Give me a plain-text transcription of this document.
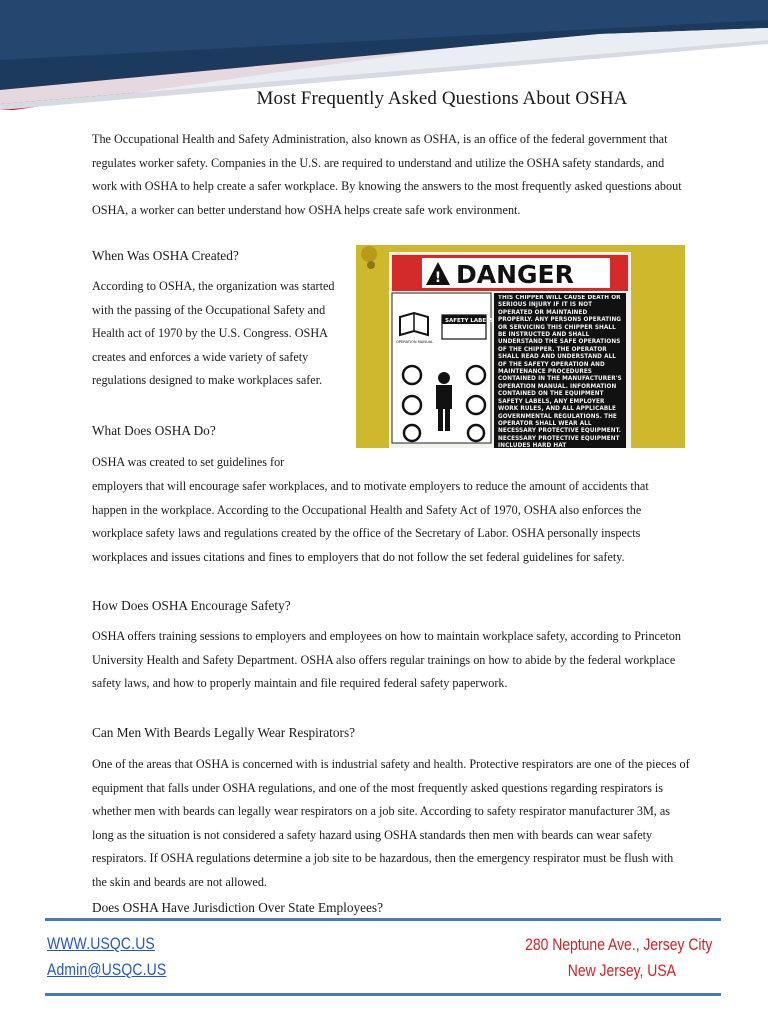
Most Frequently Asked Questions About OSHA

The Occupational Health and Safety Administration, also known as OSHA, is an office of the federal government that regulates worker safety. Companies in the U.S. are required to understand and utilize the OSHA safety standards, and work with OSHA to help create a safer workplace. By knowing the answers to the most frequently asked questions about OSHA, a worker can better understand how OSHA helps create safe work environment.

When Was OSHA Created?

According to OSHA, the organization was started with the passing of the Occupational Safety and Health act of 1970 by the U.S. Congress. OSHA creates and enforces a wide variety of safety regulations designed to make workplaces safer.

What Does OSHA Do?

OSHA was created to set guidelines for

employers that will encourage safer workplaces, and to motivate employers to reduce the amount of accidents that happen in the workplace. According to the Occupational Health and Safety Act of 1970, OSHA also enforces the workplace safety laws and regulations created by the office of the Secretary of Labor. OSHA personally inspects workplaces and issues citations and fines to employers that do not follow the set federal guidelines for safety.

How Does OSHA Encourage Safety?

OSHA offers training sessions to employers and employees on how to maintain workplace safety, according to Princeton University Health and Safety Department. OSHA also offers regular trainings on how to abide by the federal workplace safety laws, and how to properly maintain and file required federal safety paperwork.

Can Men With Beards Legally Wear Respirators?

One of the areas that OSHA is concerned with is industrial safety and health. Protective respirators are one of the pieces of equipment that falls under OSHA regulations, and one of the most frequently asked questions regarding respirators is whether men with beards can legally wear respirators on a job site. According to safety respirator manufacturer 3M, as long as the situation is not considered a safety hazard using OSHA standards then men with beards can wear safety respirators. If OSHA regulations determine a job site to be hazardous, then the emergency respirator must be flush with the skin and beards are not allowed.

Does OSHA Have Jurisdiction Over State Employees?
! DANGER
OPERATION MANUAL
SAFETY LABELS
THIS CHIPPER WILL CAUSE DEATH OR SERIOUS INJURY IF IT IS NOT OPERATED OR MAINTAINED PROPERLY. ANY PERSONS OPERATING OR SERVICING THIS CHIPPER SHALL BE INSTRUCTED AND SHALL UNDERSTAND THE SAFE OPERATIONS OF THE CHIPPER. THE OPERATOR SHALL READ AND UNDERSTAND ALL OF THE SAFETY OPERATION AND MAINTENANCE PROCEDURES CONTAINED IN THE MANUFACTURER'S OPERATION MANUAL. INFORMATION CONTAINED ON THE EQUIPMENT SAFETY LABELS, ANY EMPLOYER WORK RULES, AND ALL APPLICABLE GOVERNMENTAL REGULATIONS. THE OPERATOR SHALL WEAR ALL NECESSARY PROTECTIVE EQUIPMENT. NECESSARY PROTECTIVE EQUIPMENT INCLUDES HARD HAT
WWW.USQC.US
Admin@USQC.US
280 Neptune Ave., Jersey City
New Jersey, USA
